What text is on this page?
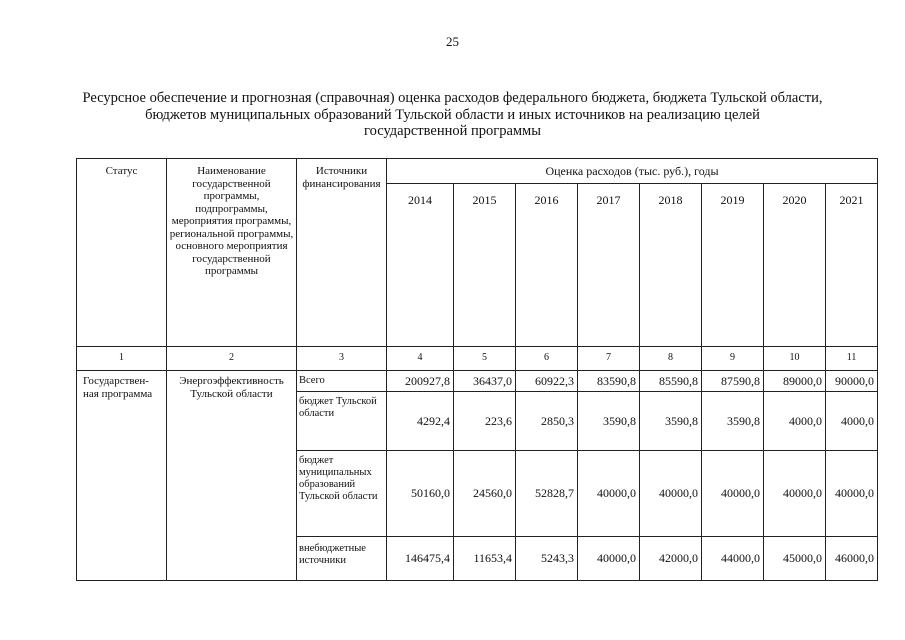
25
Ресурсное обеспечение и прогнозная (справочная) оценка расходов федерального бюджета, бюджета Тульской области,
бюджетов муниципальных образований Тульской области и иных источников на реализацию целей
государственной программы
Статус	Наименование государственной программы, подпрограммы, мероприятия программы, региональной программы, основного мероприятия государственной программы	Источники финансирования	Оценка расходов (тыс. руб.), годы							

			2014	2015	2016	2017	2018	2019	2020	2021

1	2	3	4	5	6	7	8	9	10	11
Государствен-ная программа	Энергоэффективность Тульской области	Всего	200927,8	36437,0	60922,3	83590,8	85590,8	87590,8	89000,0	90000,0
		бюджет Тульской области	4292,4	223,6	2850,3	3590,8	3590,8	3590,8	4000,0	4000,0
		бюджет муниципальных образований Тульской области	50160,0	24560,0	52828,7	40000,0	40000,0	40000,0	40000,0	40000,0
		внебюджетные источники	146475,4	11653,4	5243,3	40000,0	42000,0	44000,0	45000,0	46000,0
